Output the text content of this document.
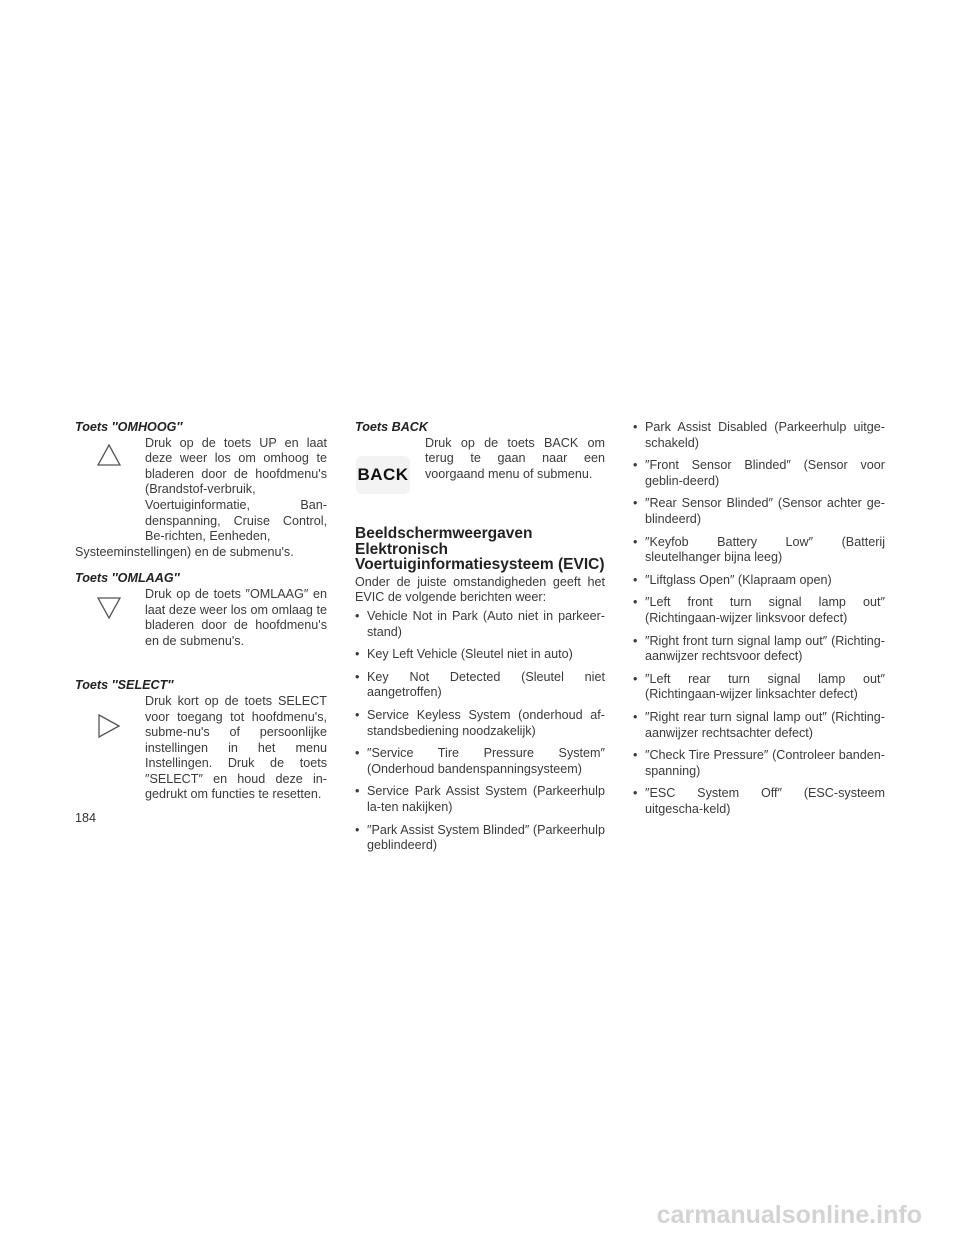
Toets ″OMHOOG″
Druk op de toets UP en laat deze weer los om omhoog te bladeren door de hoofdmenu's (Brandstof-verbruik, Voertuiginformatie, Ban-denspanning, Cruise Control, Be-richten, Eenheden,
Systeeminstellingen) en de submenu's.
Toets ″OMLAAG″
Druk op de toets ″OMLAAG″ en laat deze weer los om omlaag te bladeren door de hoofdmenu's en de submenu's.
Toets ″SELECT″
Druk kort op de toets SELECT voor toegang tot hoofdmenu's, subme-nu's of persoonlijke instellingen in het menu Instellingen. Druk de toets ″SELECT″ en houd deze in-gedrukt om functies te resetten.
Toets BACK
BACK
Druk op de toets BACK om terug te gaan naar een voorgaand menu of submenu.
Beeldschermweergaven
Elektronisch
Voertuiginformatiesysteem (EVIC)

Onder de juiste omstandigheden geeft het EVIC de volgende berichten weer:

• Vehicle Not in Park (Auto niet in parkeer-stand)
• Key Left Vehicle (Sleutel niet in auto)
• Key Not Detected (Sleutel niet aangetroffen)
• Service Keyless System (onderhoud af-standsbediening noodzakelijk)
• ″Service Tire Pressure System″ (Onderhoud bandenspanningsysteem)
• Service Park Assist System (Parkeerhulp la-ten nakijken)
• ″Park Assist System Blinded″ (Parkeerhulp geblindeerd)
• Park Assist Disabled (Parkeerhulp uitge-schakeld)
• ″Front Sensor Blinded″ (Sensor voor geblin-deerd)
• ″Rear Sensor Blinded″ (Sensor achter ge-blindeerd)
• ″Keyfob Battery Low″ (Batterij sleutelhanger bijna leeg)
• ″Liftglass Open″ (Klapraam open)
• ″Left front turn signal lamp out″ (Richtingaan-wijzer linksvoor defect)
• ″Right front turn signal lamp out″ (Richting-aanwijzer rechtsvoor defect)
• ″Left rear turn signal lamp out″ (Richtingaan-wijzer linksachter defect)
• ″Right rear turn signal lamp out″ (Richting-aanwijzer rechtsachter defect)
• ″Check Tire Pressure″ (Controleer banden-spanning)
• ″ESC System Off″ (ESC-systeem uitgescha-keld)
184
carmanualsonline.info
